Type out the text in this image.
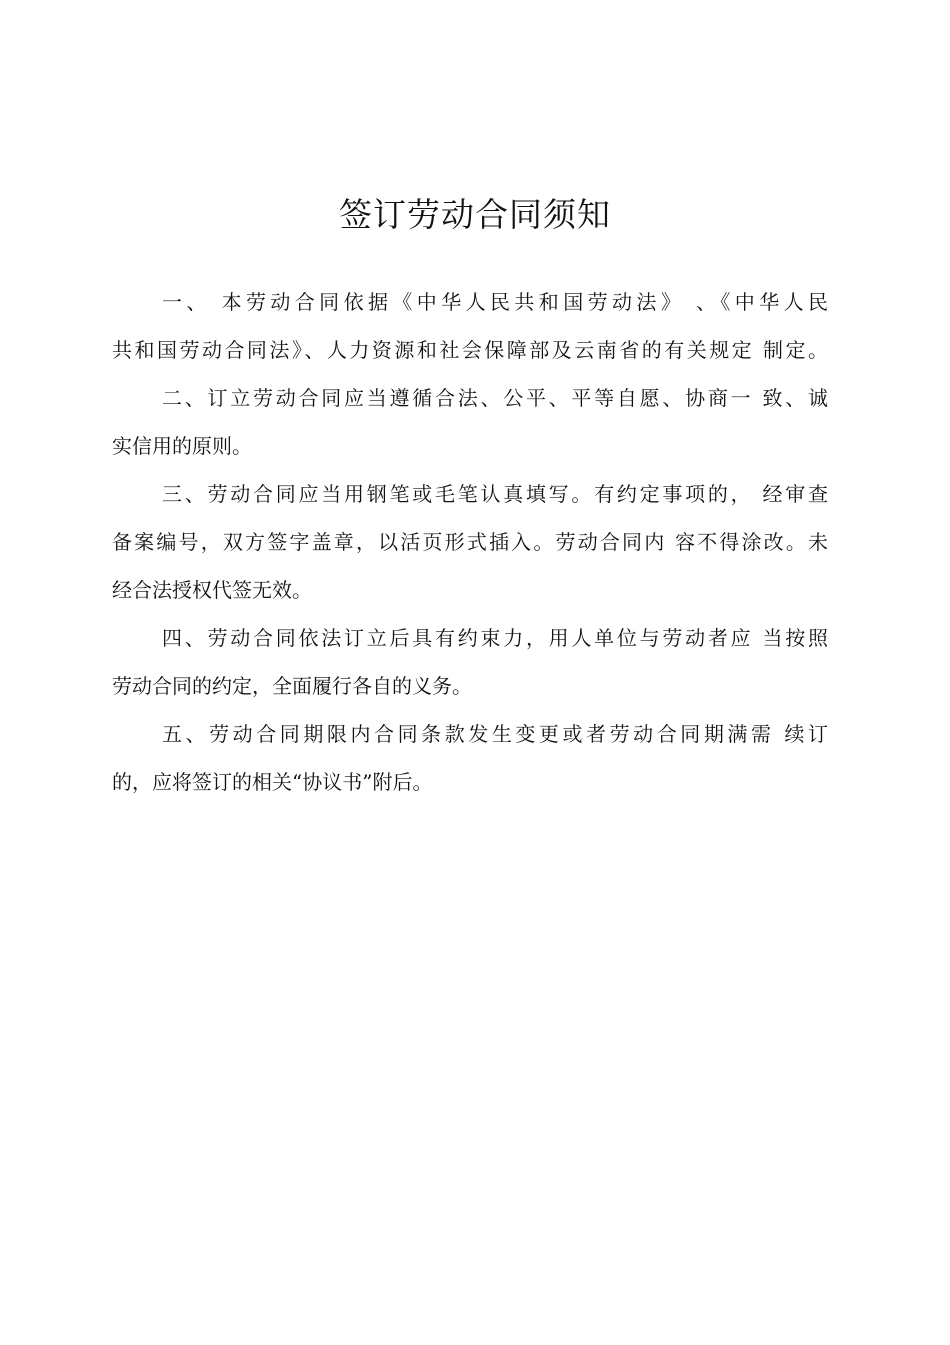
签订劳动合同须知
一、 本劳动合同依据《中华人民共和国劳动法》 、《中华人民
共和国劳动合同法》、人力资源和社会保障部及云南省的有关规定 制定。
二、订立劳动合同应当遵循合法、公平、平等自愿、协商一 致、诚
实信用的原则。
三、劳动合同应当用钢笔或毛笔认真填写。有约定事项的， 经审查
备案编号，双方签字盖章，以活页形式插入。劳动合同内 容不得涂改。未
经合法授权代签无效。
四、劳动合同依法订立后具有约束力，用人单位与劳动者应 当按照
劳动合同的约定，全面履行各自的义务。
五、劳动合同期限内合同条款发生变更或者劳动合同期满需 续订
的，应将签订的相关“协议书”附后。
